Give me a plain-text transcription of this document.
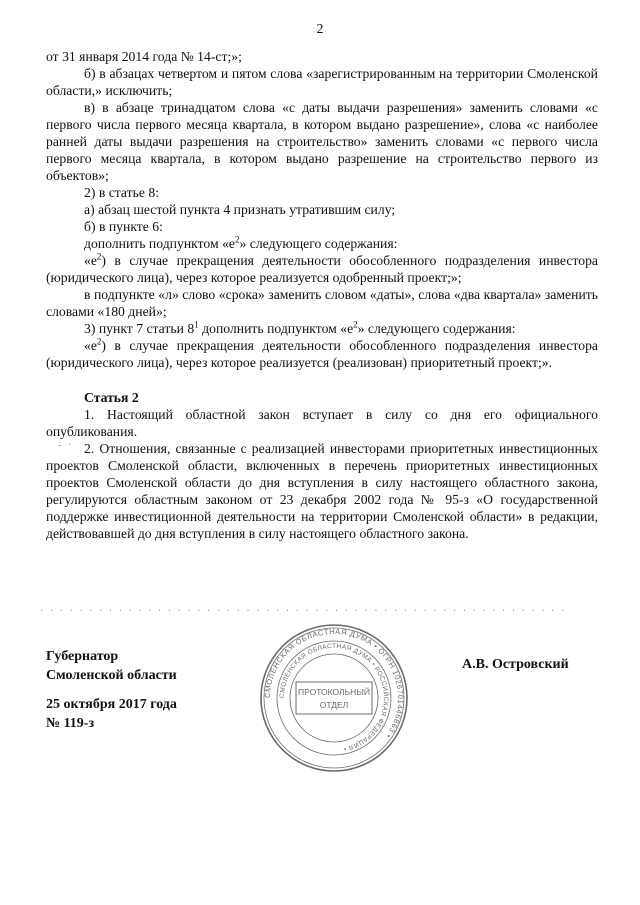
2

от 31 января 2014 года № 14-ст;»;

б) в абзацах четвертом и пятом слова «зарегистрированным на территории Смоленской области,» исключить;

в) в абзаце тринадцатом слова «с даты выдачи разрешения» заменить словами «с первого числа первого месяца квартала, в котором выдано разрешение», слова «с наиболее ранней даты выдачи разрешения на строительство» заменить словами «с первого числа первого месяца квартала, в котором выдано разрешение на строительство первого из объектов»;

2) в статье 8:

а) абзац шестой пункта 4 признать утратившим силу;

б) в пункте 6:

дополнить подпунктом «$е^2$» следующего содержания:

«$е^2$) в случае прекращения деятельности обособленного подразделения инвестора (юридического лица), через которое реализуется одобренный проект;»;

в подпункте «л» слово «срока» заменить словом «даты», слова «два квартала» заменить словами «180 дней»;

3) пункт 7 статьи $8^1$ дополнить подпунктом «$е^2$» следующего содержания:

«$е^2$) в случае прекращения деятельности обособленного подразделения инвестора (юридического лица), через которое реализуется (реализован) приоритетный проект;».

Статья 2

1. Настоящий областной закон вступает в силу со дня его официального опубликования.

2. Отношения, связанные с реализацией инвесторами приоритетных инвестиционных проектов Смоленской области, включенных в перечень приоритетных инвестиционных проектов Смоленской области до дня вступления в силу настоящего областного закона, регулируются областным законом от 23 декабря 2002 года № 95-з «О государственной поддержке инвестиционной деятельности на территории Смоленской области» в редакции, действовавшей до дня вступления в силу настоящего областного закона.

- ·
· · · · · · · · · · · · · · · · · · · · · · · · · · · · · · · · · · · · · · · · · · · · · · · · · · · · · ·
Губернатор
Смоленской области
25 октября 2017 года
№ 119-з
А.В. Островский
СМОЛЕНСКАЯ ОБЛАСТНАЯ ДУМА • ОГРН 1026701446863 •
СМОЛЕНСКАЯ ОБЛАСТНАЯ ДУМА • РОССИЙСКАЯ ФЕДЕРАЦИЯ •
ПРОТОКОЛЬНЫЙ
ОТДЕЛ
